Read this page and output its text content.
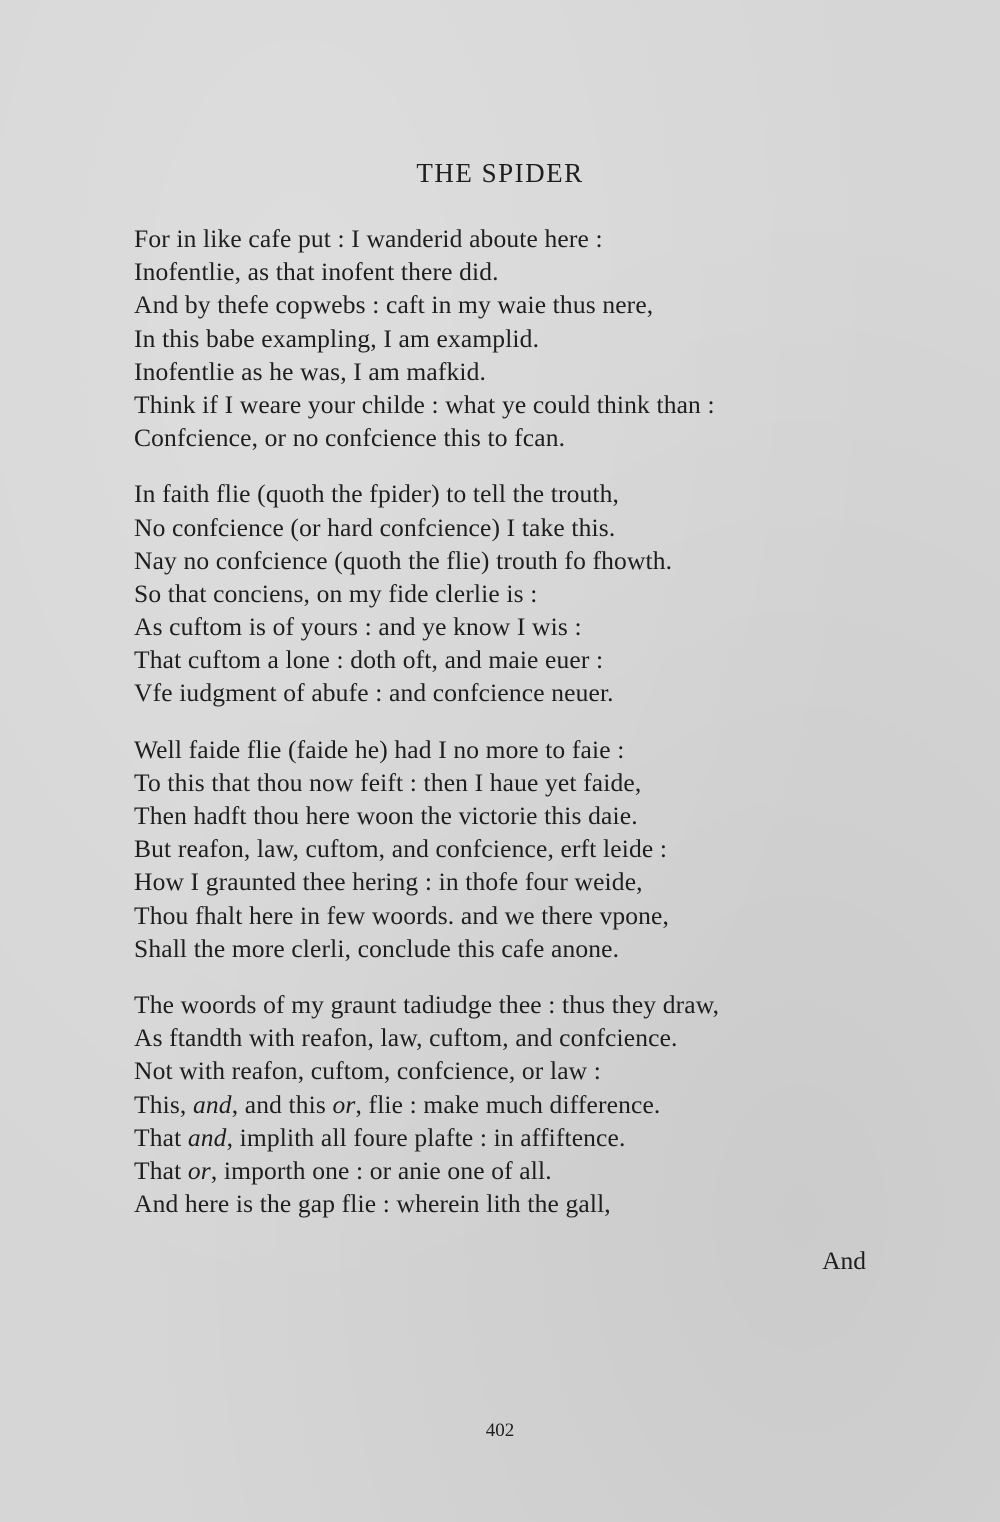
THE SPIDER
For in like cafe put : I wanderid aboute here :
Inofentlie, as that inofent there did.
And by thefe copwebs : caft in my waie thus nere,
In this babe exampling, I am examplid.
Inofentlie as he was, I am mafkid.
Think if I weare your childe : what ye could think than :
Confcience, or no confcience this to fcan.
In faith flie (quoth the fpider) to tell the trouth,
No confcience (or hard confcience) I take this.
Nay no confcience (quoth the flie) trouth fo fhowth.
So that conciens, on my fide clerlie is :
As cuftom is of yours : and ye know I wis :
That cuftom a lone : doth oft, and maie euer :
Vfe iudgment of abufe : and confcience neuer.
Well faide flie (faide he) had I no more to faie :
To this that thou now feift : then I haue yet faide,
Then hadft thou here woon the victorie this daie.
But reafon, law, cuftom, and confcience, erft leide :
How I graunted thee hering : in thofe four weide,
Thou fhalt here in few woords. and we there vpone,
Shall the more clerli, conclude this cafe anone.
The woords of my graunt tadiudge thee : thus they draw,
As ftandth with reafon, law, cuftom, and confcience.
Not with reafon, cuftom, confcience, or law :
This, and, and this or, flie : make much difference.
That and, implith all foure plafte : in affiftence.
That or, importh one : or anie one of all.
And here is the gap flie : wherein lith the gall,
And
402
